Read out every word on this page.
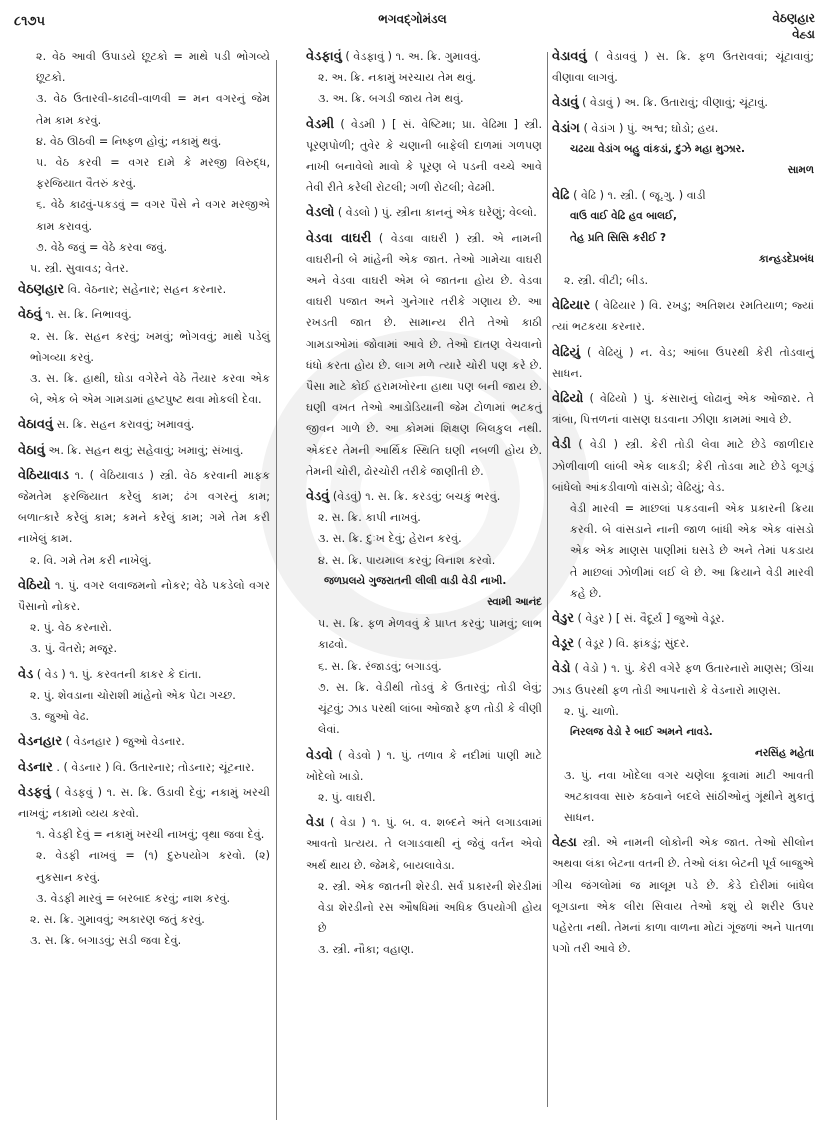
૮૧૭૫	ભગવદ્ગોમંડલ	વેઠણહાર
વેહ્ડા

૨. વેઠ આવી ઉપાડયે છૂટકો = માથે પડી ભોગવ્યે છૂટકો.

૩. વેઠ ઉતારવી-કાઢવી-વાળવી = મન વગરનું જેમ તેમ કામ કરવું.

૪. વેઠ ઊઠવી = નિષ્ફળ હોવું; નકામું થવું.

૫. વેઠ કરવી = વગર દામે કે મરજી વિરુદ્ધ, ફરજિયાત વૈતરું કરવું.

૬. વેઠે કાઢવું-પકડવું = વગર પૈસે ને વગર મરજીએ કામ કરાવવું.

૭. વેઠે જવું = વેઠે કરવા જવું.

૫. સ્ત્રી. સુવાવડ; વેતર.

વેઠણહાર વિ. વેઠનાર; સહેનાર; સહન કરનાર.
વેઠવું ૧. સ. ક્રિ. નિભાવવું.

૨. સ. ક્રિ. સહન કરવું; ખમવું; ભોગવવું; માથે પડેલું ભોગવ્યા કરવું.

૩. સ. ક્રિ. હાથી, ઘોડા વગેરેને વેઠે તૈયાર કરવા એક બે, એક બે એમ ગામડામાં હષ્ટપુષ્ટ થવા મોકલી દેવા.

વેઠાવવું સ. ક્રિ. સહન કરાવવું; ખમાવવું.
વેઠાવું અ. ક્રિ. સહન થવું; સહેવાવું; ખમાવું; સંખાવું.
વેઠિયાવાડ ૧. ( વેઠિયાવાડ ) સ્ત્રી. વેઠ કરવાની માફક જેમતેમ ફરજિયાત કરેલું કામ; ઢંગ વગરનું કામ; બળાત્કારે કરેલું કામ; કમને કરેલું કામ; ગમે તેમ કરી નાખેલું કામ.

૨. વિ. ગમે તેમ કરી નાખેલું.

વેઠિયો ૧. પું. વગર લવાજમનો નોકર; વેઠે પકડેલો વગર પૈસાનો નોકર.

૨. પું. વેઠ કરનારો.

૩. પું. વૈતરો; મજૂર.

વેડ ( વેડ ) ૧. પું. કરવતની કાકર કે દાંતા.

૨. પું. શેવડાના ચોરાશી માંહેનો એક પેટા ગચ્છ.

૩. જુઓ વેઢ.

વેડનહાર ( વેડનહાર ) જુઓ વેડનાર.
વેડનાર . ( વેડનાર ) વિ. ઉતારનાર; તોડનાર; ચૂંટનાર.
વેડફવું ( વેડફવું ) ૧. સ. ક્રિ. ઉડાવી દેવું; નકામું ખરચી નાખવું; નકામો વ્યય કરવો.

૧. વેડફી દેવું = નકામું ખરચી નાખવું; વૃથા જવા દેવું.

૨. વેડફી નાખવું = (૧) દુરુપયોગ કરવો. (૨) નુકસાન કરવું.

૩. વેડફી મારવું = બરબાદ કરવું; નાશ કરવું.

૨. સ. ક્રિ. ગુમાવવું; અકારણ જતું કરવું.

૩. સ. ક્રિ. બગાડવું; સડી જવા દેવું.

વેડફાવું ( વેડફાવું ) ૧. અ. ક્રિ. ગુમાવવું.

૨. અ. ક્રિ. નકામું ખરચાય તેમ થવું.

૩. અ. ક્રિ. બગડી જાય તેમ થવું.

વેડમી ( વેડમી ) [ સં. વેષ્ટિમા; પ્રા. વેઢિમા ] સ્ત્રી. પૂરણપોળી; તુવેર કે ચણાની બાફેલી દાળમાં ગળપણ નાખી બનાવેલો માવો કે પૂરણ બે પડની વચ્ચે આવે તેવી રીતે કરેલી રોટલી; ગળી રોટલી; વેઢમી.
વેડલો ( વેડલો ) પું. સ્ત્રીના કાનનું એક ઘરેણું; વેલ્લો.
વેડવા વાઘરી ( વેડવા વાઘરી ) સ્ત્રી. એ નામની વાઘરીની બે માંહેની એક જાત. તેઓ ગામેચા વાઘરી અને વેડવા વાઘરી એમ બે જાતના હોય છે. વેડવા વાઘરી પજાત અને ગુનેગાર તરીકે ગણાય છે. આ રખડતી જાત છે. સામાન્ય રીતે તેઓ કાઠી ગામડાઓમાં જોવામાં આવે છે. તેઓ દાતણ વેચવાનો ધંધો કરતા હોય છે. લાગ મળે ત્યારે ચોરી પણ કરે છે. પૈસા માટે કોઈ હરામખોરના હાથા પણ બની જાય છે. ઘણી વખત તેઓ આડોડિયાની જેમ ટોળામાં ભટકતું જીવન ગાળે છે. આ કોમમાં શિક્ષણ બિલકુલ નથી. એકંદર તેમની આર્થિક સ્થિતિ ઘણી નબળી હોય છે. તેમની ચોરી, ઢોરચોરી તરીકે જાણીતી છે.
વેડવું (વેડવું) ૧. સ. ક્રિ. કરડવું; બચકું ભરવું.

૨. સ. ક્રિ. કાપી નાખવું.

૩. સ. ક્રિ. દુઃખ દેવું; હેરાન કરવું.

૪. સ. ક્રિ. પાયમાલ કરવું; વિનાશ કરવો.

જળપ્રલયે ગુજરાતની લીલી વાડી વેડી નાખી.

સ્વામી આનંદ

૫. સ. ક્રિ. ફળ મેળવવું કે પ્રાપ્ત કરવું; પામવું; લાભ કાઢવો.

૬. સ. ક્રિ. રંજાડવું; બગાડવું.

૭. સ. ક્રિ. વેડીથી તોડવું કે ઉતારવું; તોડી લેવું; ચૂંટવું; ઝાડ પરથી લાંબા ઓજારે ફળ તોડી કે વીણી લેવાં.

વેડવો ( વેડવો ) ૧. પું. તળાવ કે નદીમાં પાણી માટે ખોદેલો ખાડો.

૨. પું. વાઘરી.

વેડા ( વેડા ) ૧. પું. બ. વ. શબ્દને અંતે લગાડવામાં આવતો પ્રત્યય. તે લગાડવાથી નું જેવું વર્તન એવો અર્થ થાય છે. જેમકે, બાયલાવેડા.

૨. સ્ત્રી. એક જાતની શેરડી. સર્વ પ્રકારની શેરડીમાં વેડા શેરડીનો રસ ઔષધિમાં અધિક ઉપયોગી હોય છે

૩. સ્ત્રી. નૌકા; વહાણ.

વેડાવવું ( વેડાવવું ) સ. ક્રિ. ફળ ઉતરાવવાં; ચૂંટાવાવું; વીણાવા લાગવું.
વેડાવું ( વેડાવું ) અ. ક્રિ. ઉતારાવું; વીણાવું; ચૂંટાવું.
વેડાંગ ( વેડાંગ ) પું. અશ્વ; ઘોડો; હય.

ચઢયા વેડાંગ બહુ વાંકડાં, દુઝે મહા મુઝાર.

સામળ

વેઢિ ( વેઢિ ) ૧. સ્ત્રી. ( જૂ.ગુ. ) વાડી

વાઉ વાઈ વેઢિ હવ બાલઈ,

તેહ પ્રતિ સિસિ કરીઈ ?

કાન્હડદેપ્રબંધ

૨. સ્ત્રી. વીટી; બીડ.

વેઢિયાર ( વેઢિયાર ) વિ. રખડુ; અતિશય રમતિયાળ; જ્યાં ત્યાં ભટકયા કરનાર.
વેઢિયું ( વેઢિયું ) ન. વેડ; આંબા ઉપરથી કેરી તોડવાનું સાધન.
વેઢિયો ( વેઢિયો ) પું. કંસારાનું લોઢાનું એક ઓજાર. તે ત્રાંબા, પિત્તળનાં વાસણ ઘડવાના ઝીણા કામમાં આવે છે.
વેડી ( વેડી ) સ્ત્રી. કેરી તોડી લેવા માટે છેડે જાળીદાર ઝોળીવાળી લાંબી એક લાકડી; કેરી તોડવા માટે છેડે લૂગડું બાંધેલો આંકડીવાળો વાંસડો; વેઢિયું; વેડ.

વેડી મારવી = માછલાં પકડવાની એક પ્રકારની ક્રિયા કરવી. બે વાંસડાને નાની જાળ બાંધી એક એક વાંસડો એક એક માણસ પાણીમાં ઘસડે છે અને તેમાં પકડાય તે માછલાં ઝોળીમાં લઈ લે છે. આ ક્રિયાને વેડી મારવી કહે છે.

વેડુર ( વેડુર ) [ સં. વૈદૂર્ય ] જુઓ વેડૂર.
વેડૂર ( વેડૂર ) વિ. ફાંકડું; સુંદર.
વેડો ( વેડો ) ૧. પું. કેરી વગેરે ફળ ઉતારનારો માણસ; ઊંચા ઝાડ ઉપરથી ફળ તોડી આપનારો કે વેડનારો માણસ.

૨. પું. ચાળો.

નિરલજ વેડો રે બાઈ અમને નાવડે.

નરસિંહ મહેતા

૩. પું. નવા ખોદેલા વગર ચણેલા કૂવામાં માટી આવતી અટકાવવા સારુ કઠવાને બદલે સાંઠીઓનું ગૂંથીને મુકાતું સાધન.

વેહ્ડા સ્ત્રી. એ નામની લોકોની એક જાત. તેઓ સીલોન અથવા લંકા બેટના વતની છે. તેઓ લંકા બેટની પૂર્વ બાજુએ ગીચ જંગલોમાં જ માલૂમ પડે છે. કેડે દોરીમાં બાંધેલ લૂગડાના એક લીરા સિવાય તેઓ કશું યે શરીર ઉપર પહેરતા નથી. તેમનાં કાળા વાળના મોટાં ગૂંજળાં અને પાતળા પગો તરી આવે છે.
